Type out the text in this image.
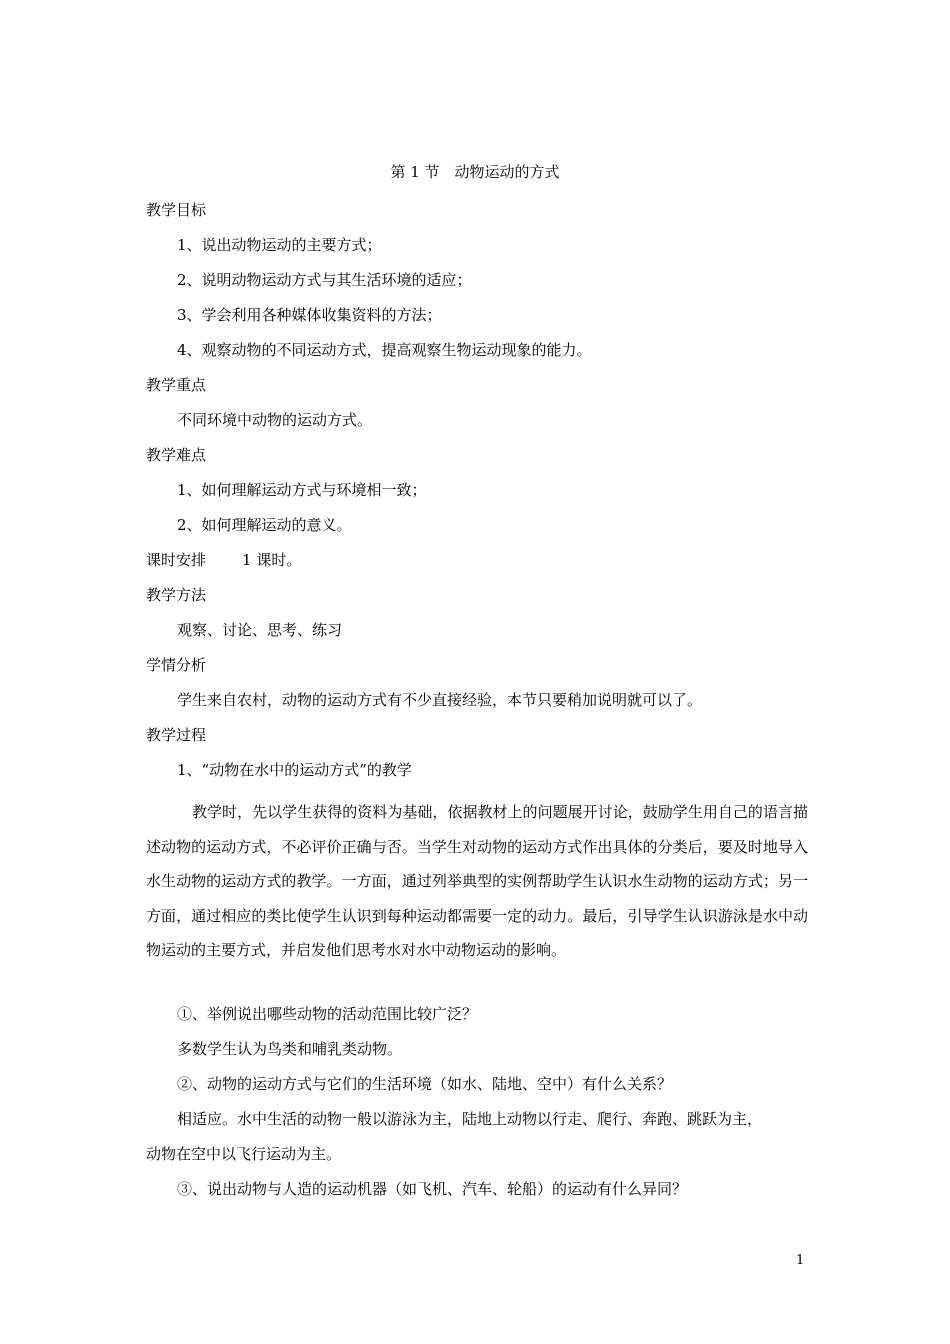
第 1 节　动物运动的方式
教学目标
1、说出动物运动的主要方式；
2、说明动物运动方式与其生活环境的适应；
3、学会利用各种媒体收集资料的方法；
4、观察动物的不同运动方式，提高观察生物运动现象的能力。
教学重点
不同环境中动物的运动方式。
教学难点
1、如何理解运动方式与环境相一致；
2、如何理解运动的意义。
课时安排 1 课时。
教学方法
观察、讨论、思考、练习
学情分析
学生来自农村，动物的运动方式有不少直接经验，本节只要稍加说明就可以了。
教学过程
1、“动物在水中的运动方式”的教学
教学时，先以学生获得的资料为基础，依据教材上的问题展开讨论，鼓励学生用自己的语言描述动物的运动方式，不必评价正确与否。当学生对动物的运动方式作出具体的分类后，要及时地导入水生动物的运动方式的教学。一方面，通过列举典型的实例帮助学生认识水生动物的运动方式；另一方面，通过相应的类比使学生认识到每种运动都需要一定的动力。最后，引导学生认识游泳是水中动物运动的主要方式，并启发他们思考水对水中动物运动的影响。
①、举例说出哪些动物的活动范围比较广泛？
多数学生认为鸟类和哺乳类动物。
②、动物的运动方式与它们的生活环境（如水、陆地、空中）有什么关系？
相适应。水中生活的动物一般以游泳为主，陆地上动物以行走、爬行、奔跑、跳跃为主，
动物在空中以飞行运动为主。
③、说出动物与人造的运动机器（如飞机、汽车、轮船）的运动有什么异同？
1
